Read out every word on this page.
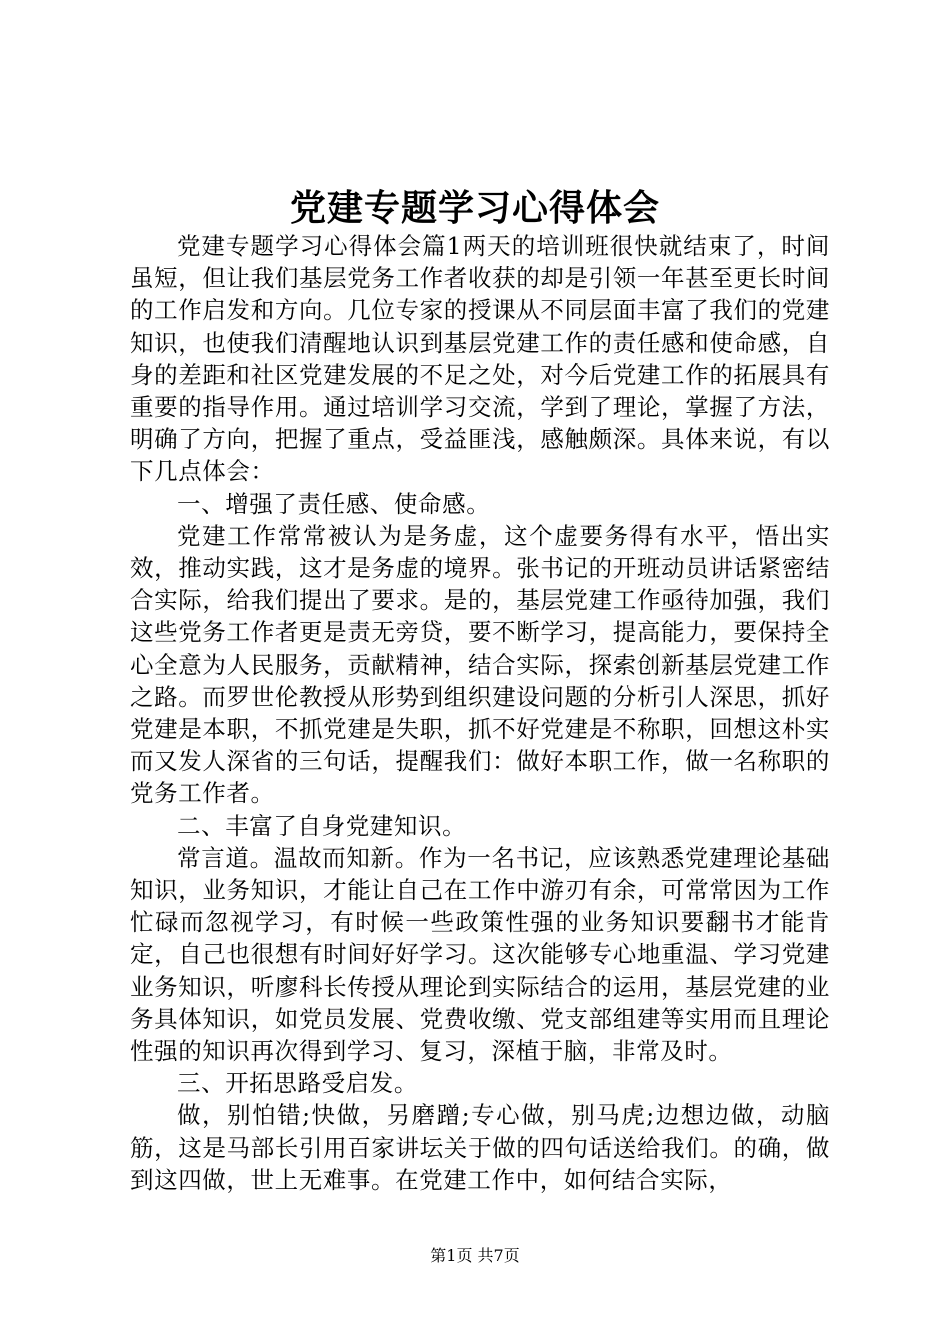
党建专题学习心得体会

党建专题学习心得体会篇1两天的培训班很快就结束了，时间虽短，但让我们基层党务工作者收获的却是引领一年甚至更长时间的工作启发和方向。几位专家的授课从不同层面丰富了我们的党建知识，也使我们清醒地认识到基层党建工作的责任感和使命感，自身的差距和社区党建发展的不足之处，对今后党建工作的拓展具有重要的指导作用。通过培训学习交流，学到了理论，掌握了方法，明确了方向，把握了重点，受益匪浅，感触颇深。具体来说，有以下几点体会：

一、增强了责任感、使命感。

党建工作常常被认为是务虚，这个虚要务得有水平，悟出实效，推动实践，这才是务虚的境界。张书记的开班动员讲话紧密结合实际，给我们提出了要求。是的，基层党建工作亟待加强，我们这些党务工作者更是责无旁贷，要不断学习，提高能力，要保持全心全意为人民服务，贡献精神，结合实际，探索创新基层党建工作之路。而罗世伦教授从形势到组织建设问题的分析引人深思，抓好党建是本职，不抓党建是失职，抓不好党建是不称职，回想这朴实而又发人深省的三句话，提醒我们：做好本职工作，做一名称职的党务工作者。

二、丰富了自身党建知识。

常言道。温故而知新。作为一名书记，应该熟悉党建理论基础知识，业务知识，才能让自己在工作中游刃有余，可常常因为工作忙碌而忽视学习，有时候一些政策性强的业务知识要翻书才能肯定，自己也很想有时间好好学习。这次能够专心地重温、学习党建业务知识，听廖科长传授从理论到实际结合的运用，基层党建的业务具体知识，如党员发展、党费收缴、党支部组建等实用而且理论性强的知识再次得到学习、复习，深植于脑，非常及时。

三、开拓思路受启发。

做，别怕错;快做，另磨蹭;专心做，别马虎;边想边做，动脑筋，这是马部长引用百家讲坛关于做的四句话送给我们。的确，做到这四做，世上无难事。在党建工作中，如何结合实际，

第1页 共7页
